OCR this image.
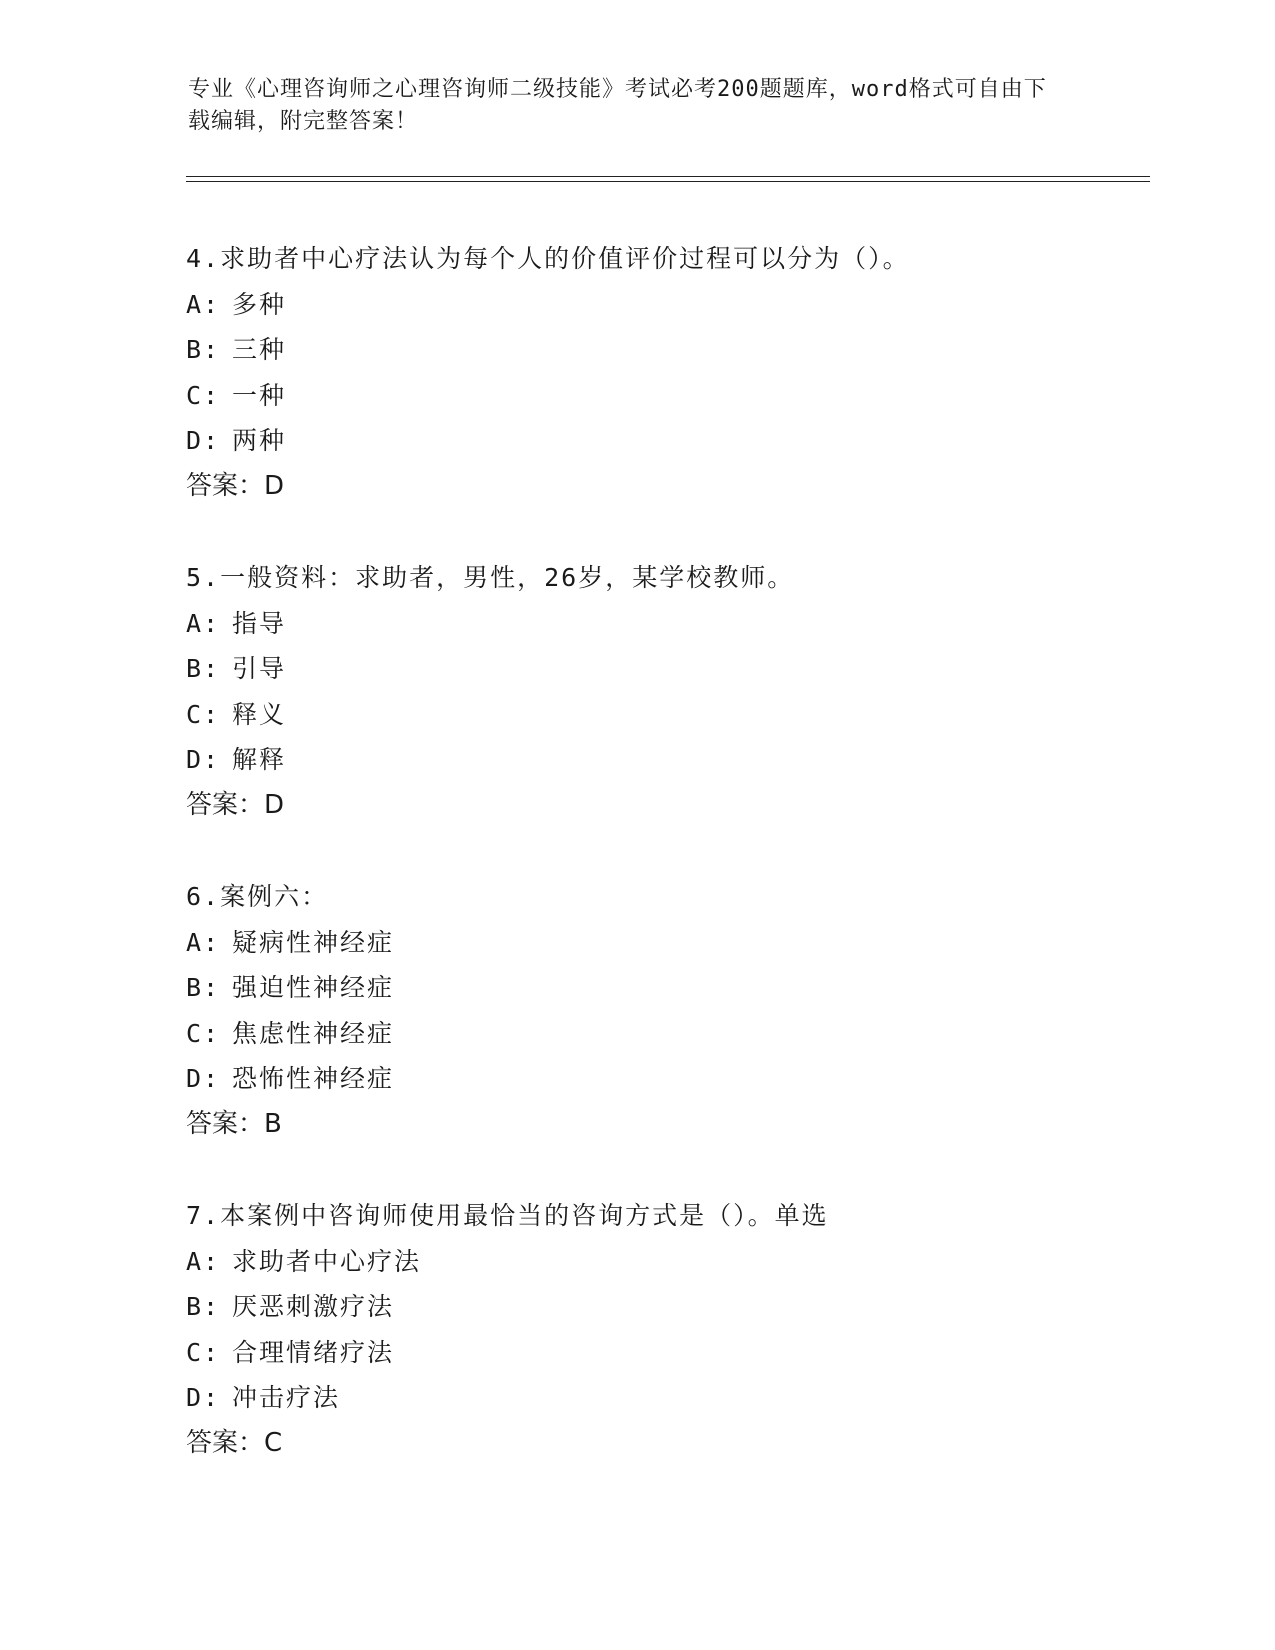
专业《心理咨询师之心理咨询师二级技能》考试必考200题题库，word格式可自由下载编辑，附完整答案！
4.求助者中心疗法认为每个人的价值评价过程可以分为（）。
A: 多种
B: 三种
C: 一种
D: 两种
答案：D
5.一般资料：求助者，男性，26岁，某学校教师。
A: 指导
B: 引导
C: 释义
D: 解释
答案：D
6.案例六：
A: 疑病性神经症
B: 强迫性神经症
C: 焦虑性神经症
D: 恐怖性神经症
答案：B
7.本案例中咨询师使用最恰当的咨询方式是（）。单选
A: 求助者中心疗法
B: 厌恶刺激疗法
C: 合理情绪疗法
D: 冲击疗法
答案：C
